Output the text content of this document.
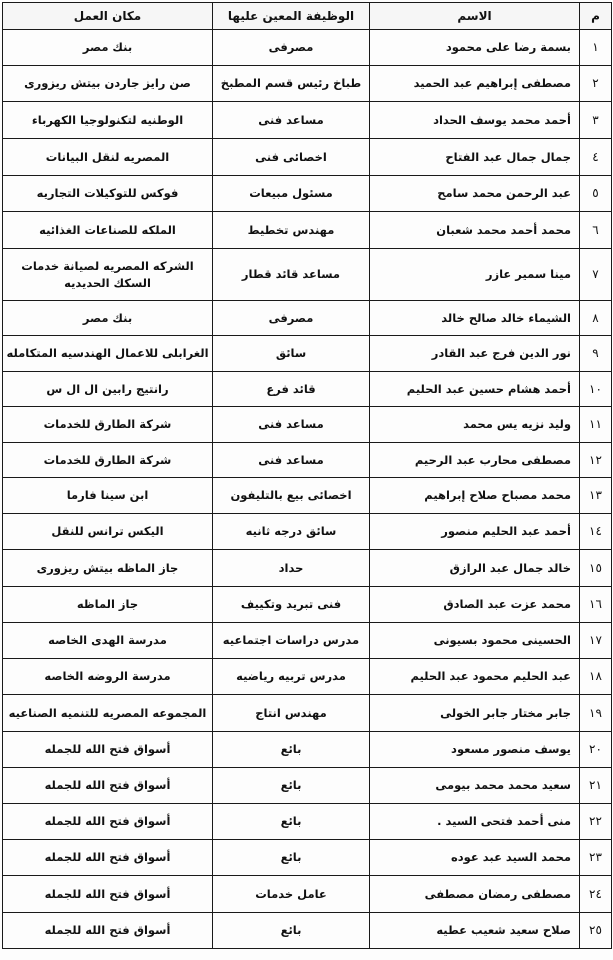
م	الاسم	الوظيفة المعين عليها	مكان العمل
١	بسمة رضا على محمود	مصرفى	بنك مصر
٢	مصطفى إبراهيم عبد الحميد	طباخ رئيس قسم المطبخ	صن رايز جاردن بيتش ريزورى
٣	أحمد محمد يوسف الحداد	مساعد فنى	الوطنيه لتكنولوجيا الكهرباء
٤	جمال جمال عبد الفتاح	اخصائى فنى	المصريه لنقل البيانات
٥	عبد الرحمن محمد سامح	مسئول مبيعات	فوكس للتوكيلات التجاريه
٦	محمد أحمد محمد شعبان	مهندس تخطيط	الملكه للصناعات الغذائيه
٧	مينا سمير عازر	مساعد قائد قطار	الشركه المصريه لصيانة خدمات السكك الحديديه
٨	الشيماء خالد صالح خالد	مصرفى	بنك مصر
٩	نور الدين فرج عبد القادر	سائق	الغرابلى للاعمال الهندسيه المتكامله
١٠	أحمد هشام حسين عبد الحليم	قائد فرع	رانتيج رابين ال ال س
١١	وليد نزيه يس محمد	مساعد فنى	شركة الطارق للخدمات
١٢	مصطفى محارب عبد الرحيم	مساعد فنى	شركة الطارق للخدمات
١٣	محمد مصباح صلاح إبراهيم	اخصائى بيع بالتليفون	ابن سينا فارما
١٤	أحمد عبد الحليم منصور	سائق درجه ثانيه	اليكس ترانس للنقل
١٥	خالد جمال عبد الرازق	حداد	جاز الماظه بيتش ريزورى
١٦	محمد عزت عبد الصادق	فنى تبريد وتكييف	جاز الماظه
١٧	الحسينى محمود بسيونى	مدرس دراسات اجتماعيه	مدرسة الهدى الخاصه
١٨	عبد الحليم محمود عبد الحليم	مدرس تربيه رياضيه	مدرسة الروضه الخاصه
١٩	جابر مختار جابر الخولى	مهندس انتاج	المجموعه المصريه للتنميه الصناعيه
٢٠	يوسف منصور مسعود	بائع	أسواق فتح الله للجمله
٢١	سعيد محمد محمد بيومى	بائع	أسواق فتح الله للجمله
٢٢	منى أحمد فتحى السيد .	بائع	أسواق فتح الله للجمله
٢٣	محمد السيد عبد عوده	بائع	أسواق فتح الله للجمله
٢٤	مصطفى رمضان مصطفى	عامل خدمات	أسواق فتح الله للجمله
٢٥	صلاح سعيد شعيب عطيه	بائع	أسواق فتح الله للجمله
